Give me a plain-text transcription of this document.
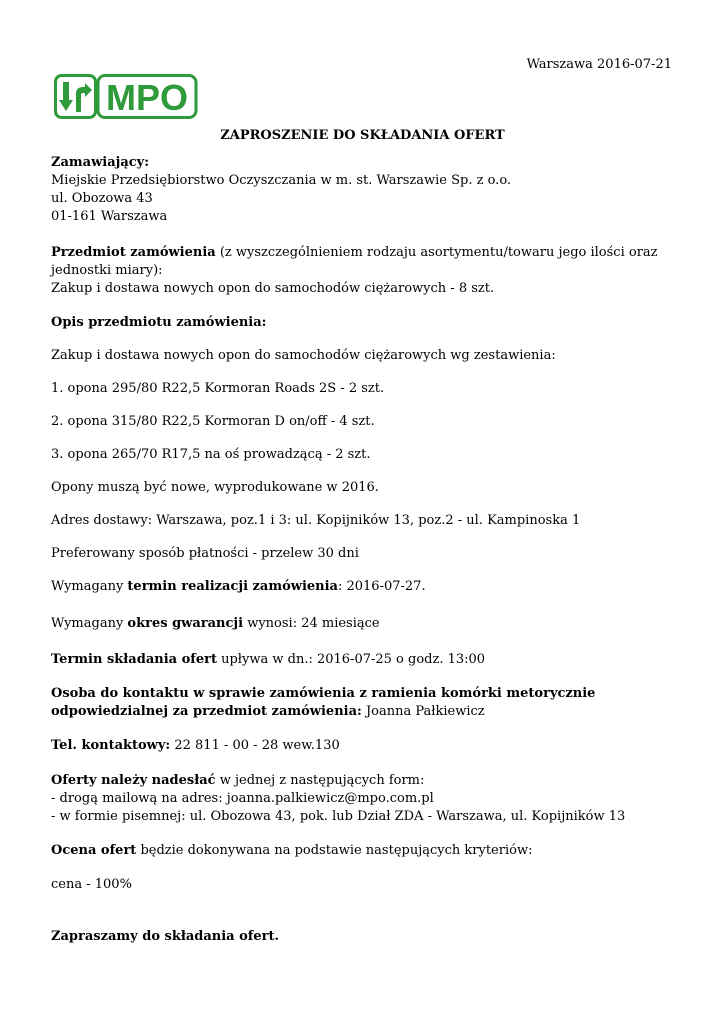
Warszawa 2016-07-21
MPO
ZAPROSZENIE DO SKŁADANIA OFERT

Zamawiający:
Miejskie Przedsiębiorstwo Oczyszczania w m. st. Warszawie Sp. z o.o.
ul. Obozowa 43
01-161 Warszawa

Przedmiot zamówienia (z wyszczególnieniem rodzaju asortymentu/towaru jego ilości oraz jednostki miary):
Zakup i dostawa nowych opon do samochodów ciężarowych - 8 szt.

Opis przedmiotu zamówienia:

Zakup i dostawa nowych opon do samochodów ciężarowych wg zestawienia:

1. opona 295/80 R22,5 Kormoran Roads 2S - 2 szt.

2. opona 315/80 R22,5 Kormoran D on/off - 4 szt.

3. opona 265/70 R17,5 na oś prowadzącą - 2 szt.

Opony muszą być nowe, wyprodukowane w 2016.

Adres dostawy: Warszawa, poz.1 i 3: ul. Kopijników 13, poz.2 - ul. Kampinoska 1

Preferowany sposób płatności - przelew 30 dni

Wymagany termin realizacji zamówienia: 2016-07-27.

Wymagany okres gwarancji wynosi: 24 miesiące

Termin składania ofert upływa w dn.: 2016-07-25 o godz. 13:00

Osoba do kontaktu w sprawie zamówienia z ramienia komórki metorycznie odpowiedzialnej za przedmiot zamówienia: Joanna Pałkiewicz

Tel. kontaktowy: 22 811 - 00 - 28 wew.130

Oferty należy nadesłać w jednej z następujących form:
- drogą mailową na adres: joanna.palkiewicz@mpo.com.pl
- w formie pisemnej: ul. Obozowa 43, pok. lub Dział ZDA - Warszawa, ul. Kopijników 13

Ocena ofert będzie dokonywana na podstawie następujących kryteriów:

cena - 100%

Zapraszamy do składania ofert.
